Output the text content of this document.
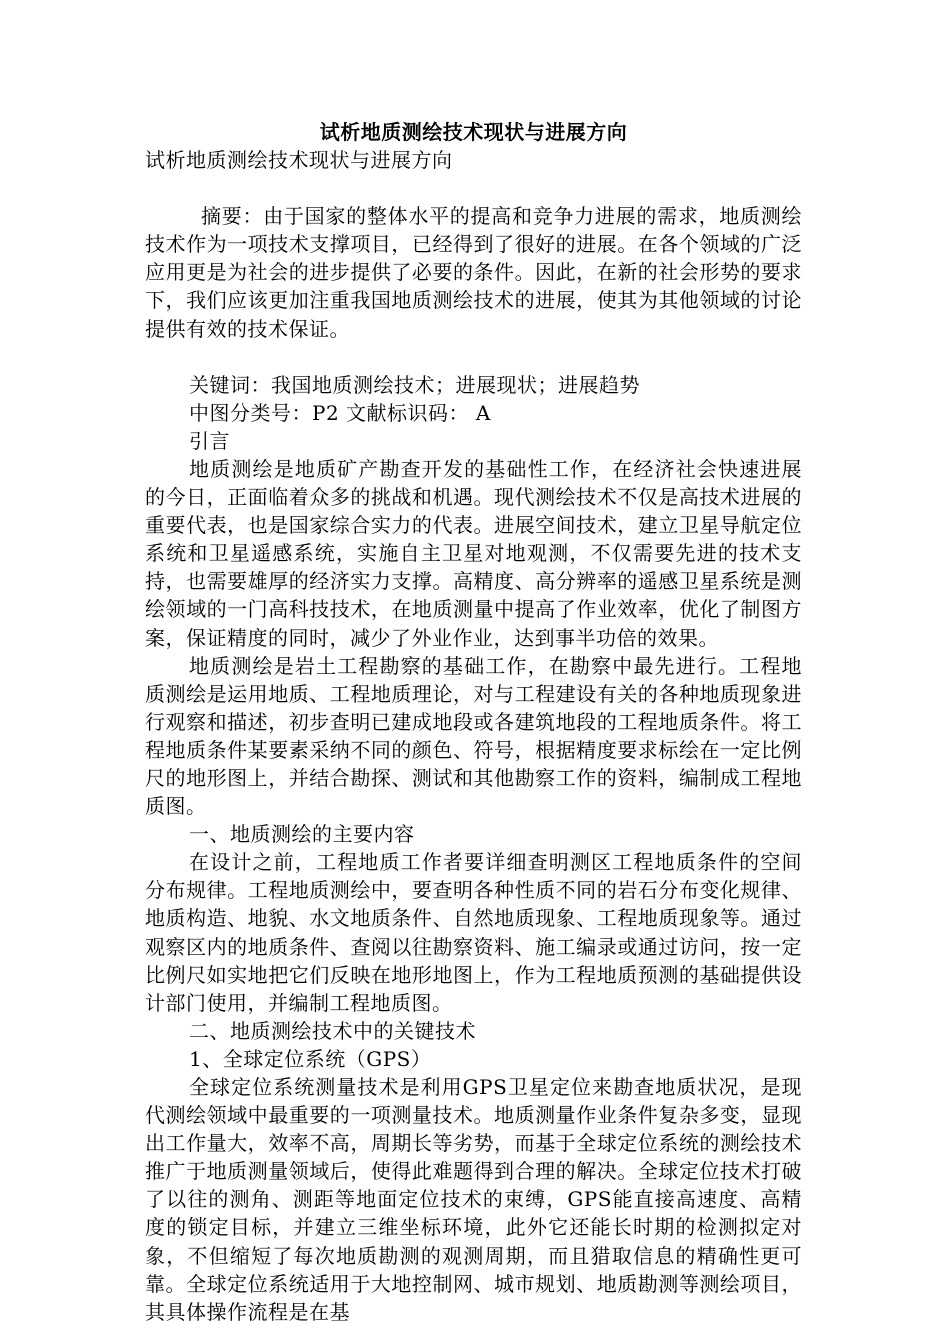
试析地质测绘技术现状与进展方向

试析地质测绘技术现状与进展方向

摘要：由于国家的整体水平的提高和竞争力进展的需求，地质测绘技术作为一项技术支撑项目，已经得到了很好的进展。在各个领域的广泛应用更是为社会的进步提供了必要的条件。因此，在新的社会形势的要求下，我们应该更加注重我国地质测绘技术的进展，使其为其他领域的讨论提供有效的技术保证。

关键词：我国地质测绘技术；进展现状；进展趋势

中图分类号：P2 文献标识码： A

引言

地质测绘是地质矿产勘查开发的基础性工作，在经济社会快速进展的今日，正面临着众多的挑战和机遇。现代测绘技术不仅是高技术进展的重要代表，也是国家综合实力的代表。进展空间技术，建立卫星导航定位系统和卫星遥感系统，实施自主卫星对地观测，不仅需要先进的技术支持，也需要雄厚的经济实力支撑。高精度、高分辨率的遥感卫星系统是测绘领域的一门高科技技术，在地质测量中提高了作业效率，优化了制图方案，保证精度的同时，减少了外业作业，达到事半功倍的效果。

地质测绘是岩土工程勘察的基础工作，在勘察中最先进行。工程地质测绘是运用地质、工程地质理论，对与工程建设有关的各种地质现象进行观察和描述，初步查明已建成地段或各建筑地段的工程地质条件。将工程地质条件某要素采纳不同的颜色、符号，根据精度要求标绘在一定比例尺的地形图上，并结合勘探、测试和其他勘察工作的资料，编制成工程地质图。

一、地质测绘的主要内容

在设计之前，工程地质工作者要详细查明测区工程地质条件的空间分布规律。工程地质测绘中，要查明各种性质不同的岩石分布变化规律、地质构造、地貌、水文地质条件、自然地质现象、工程地质现象等。通过观察区内的地质条件、查阅以往勘察资料、施工编录或通过访问，按一定比例尺如实地把它们反映在地形地图上，作为工程地质预测的基础提供设计部门使用，并编制工程地质图。

二、地质测绘技术中的关键技术

1、全球定位系统（GPS）

全球定位系统测量技术是利用GPS卫星定位来勘查地质状况，是现代测绘领域中最重要的一项测量技术。地质测量作业条件复杂多变，显现出工作量大，效率不高，周期长等劣势，而基于全球定位系统的测绘技术推广于地质测量领域后，使得此难题得到合理的解决。全球定位技术打破了以往的测角、测距等地面定位技术的束缚，GPS能直接高速度、高精度的锁定目标，并建立三维坐标环境，此外它还能长时期的检测拟定对象，不但缩短了每次地质勘测的观测周期，而且猎取信息的精确性更可靠。全球定位系统适用于大地控制网、城市规划、地质勘测等测绘项目，其具体操作流程是在基
